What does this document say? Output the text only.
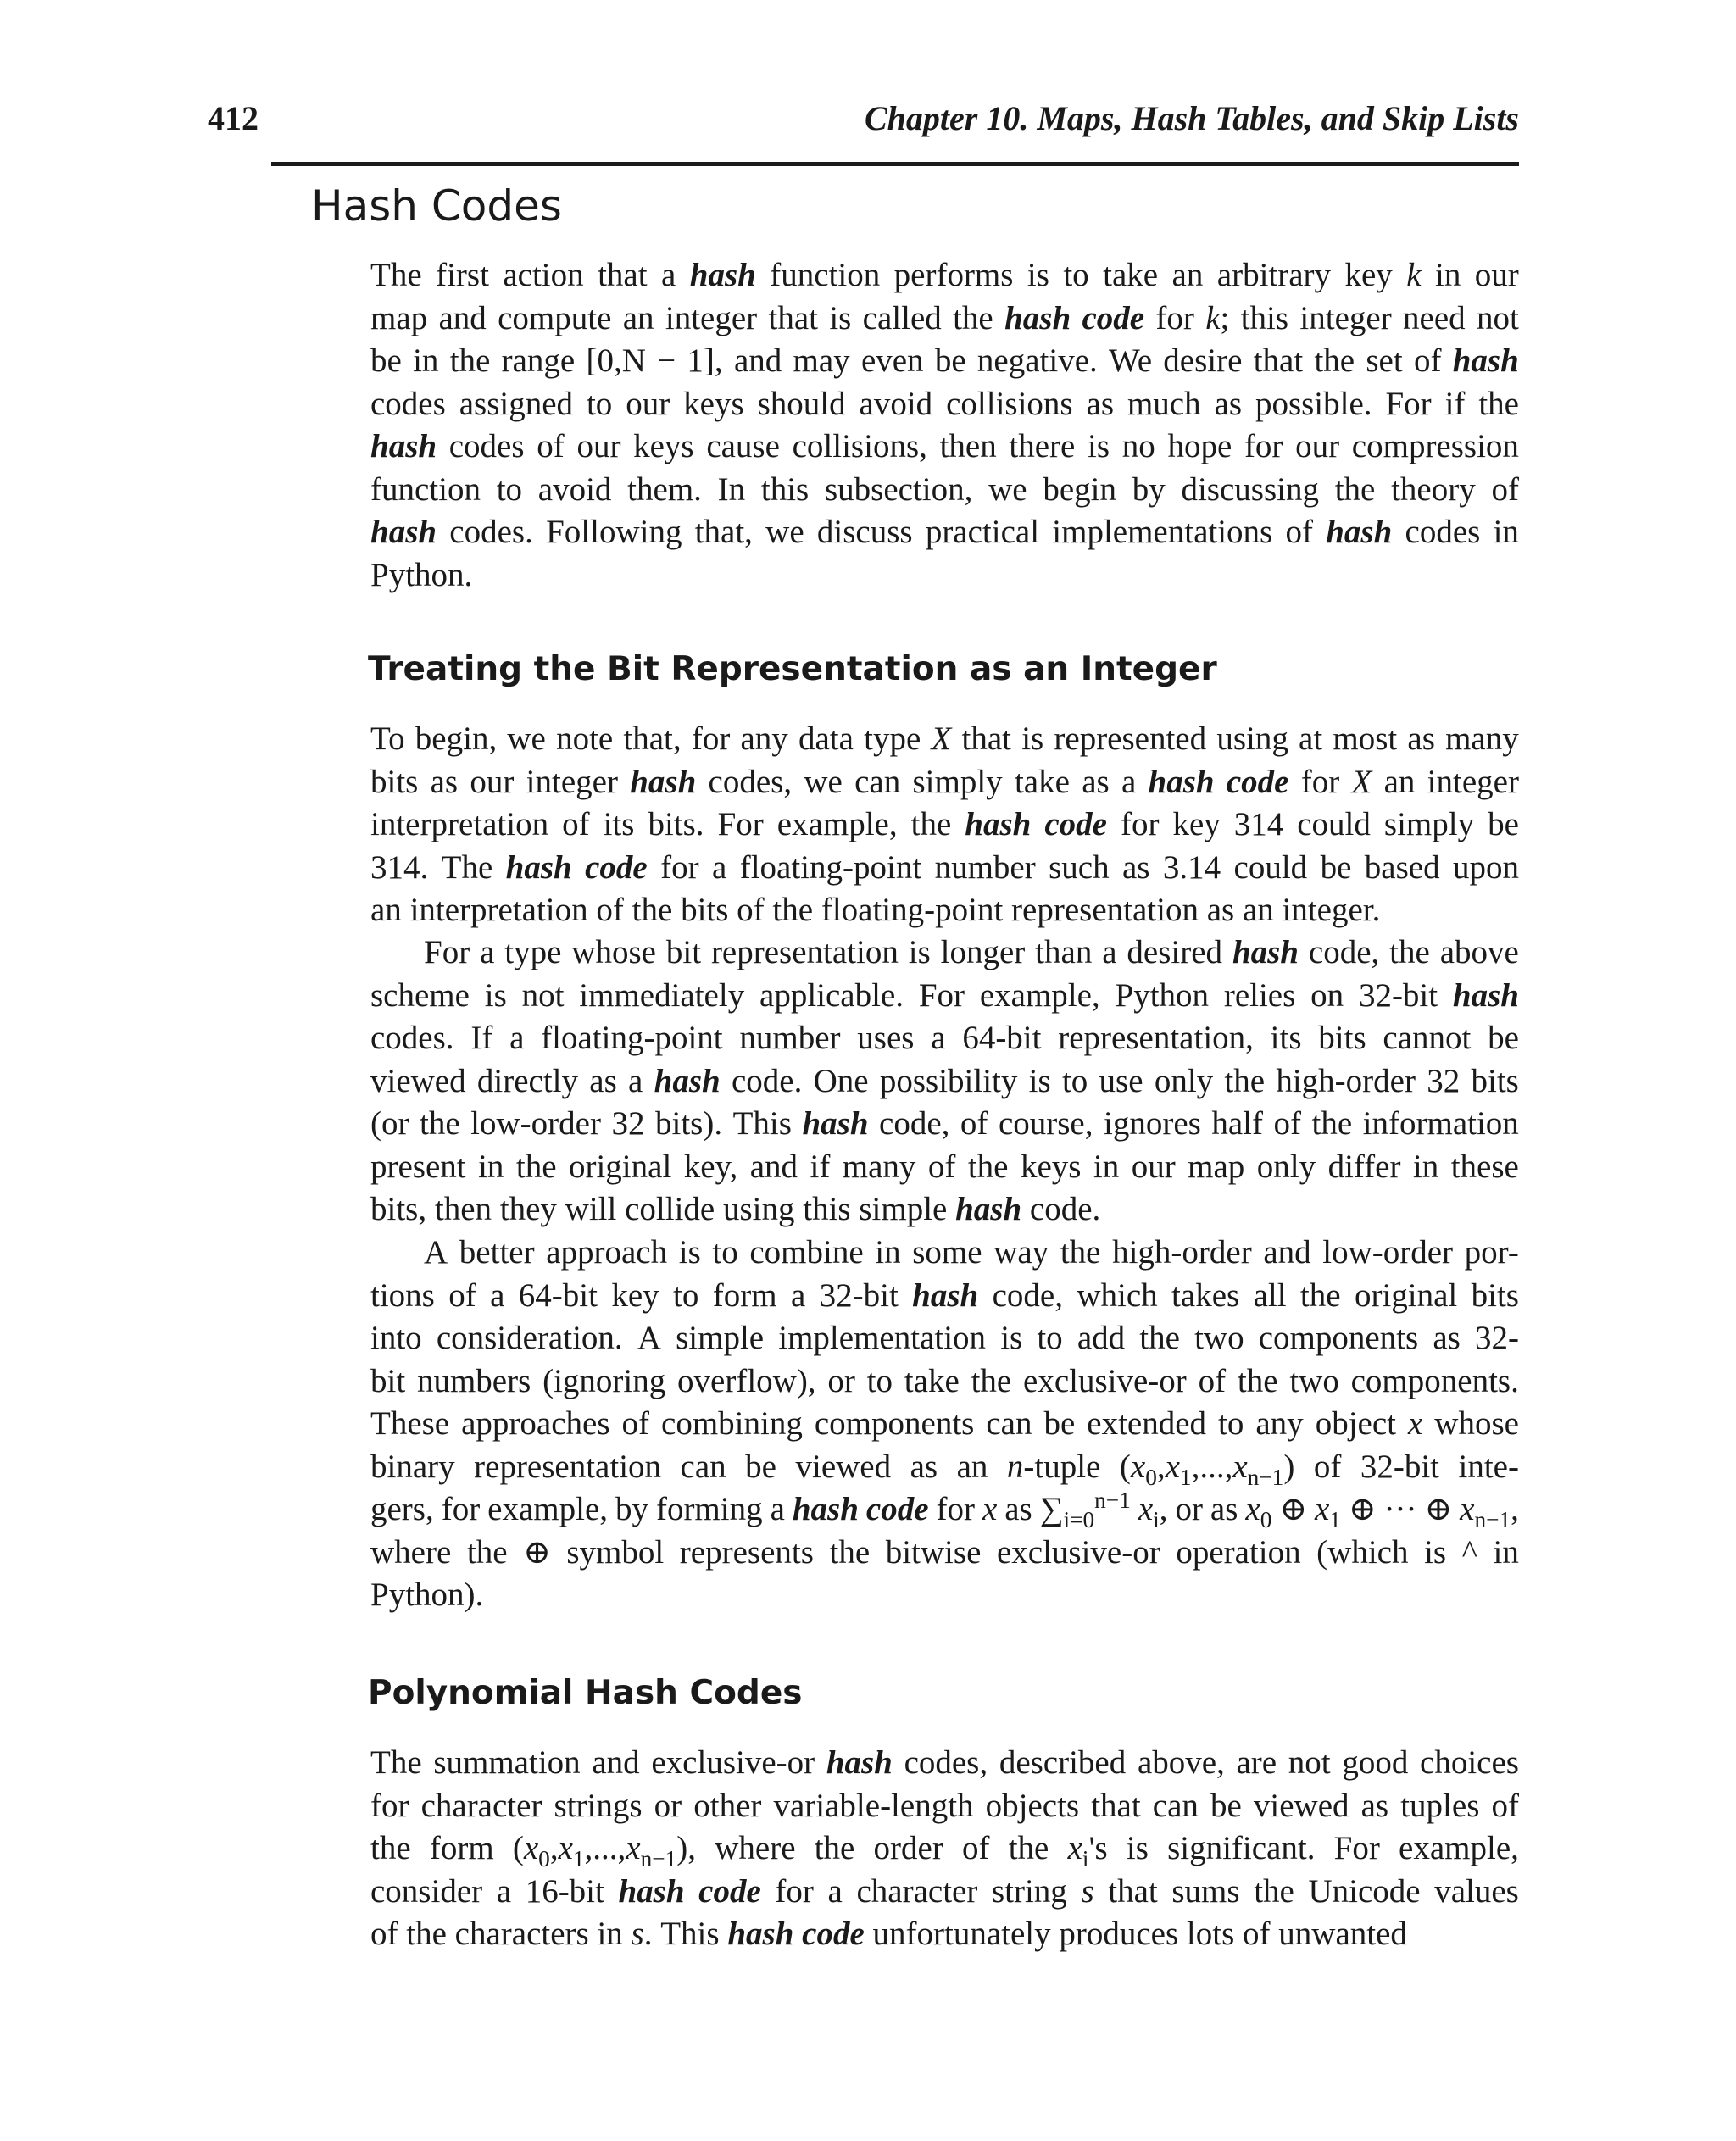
412	Chapter 10. Maps, Hash Tables, and Skip Lists
Hash Codes
The first action that a hash function performs is to take an arbitrary key k in our
map and compute an integer that is called the hash code for k; this integer need not
be in the range [0,N − 1], and may even be negative. We desire that the set of hash
codes assigned to our keys should avoid collisions as much as possible. For if the
hash codes of our keys cause collisions, then there is no hope for our compression
function to avoid them. In this subsection, we begin by discussing the theory of
hash codes. Following that, we discuss practical implementations of hash codes in
Python.
Treating the Bit Representation as an Integer
To begin, we note that, for any data type X that is represented using at most as many
bits as our integer hash codes, we can simply take as a hash code for X an integer
interpretation of its bits. For example, the hash code for key 314 could simply be
314. The hash code for a floating-point number such as 3.14 could be based upon
an
interpretation
of
the
bits
of
the
floating-point
representation
as
an
integer.
For a type whose bit representation is longer than a desired hash code, the above
scheme is not immediately applicable. For example, Python relies on 32-bit hash
codes. If a floating-point number uses a 64-bit representation, its bits cannot be
viewed directly as a hash code. One possibility is to use only the high-order 32 bits
(or the low-order 32 bits). This hash code, of course, ignores half of the information
present in the original key, and if many of the keys in our map only differ in these
bits,
then
they
will
collide
using
this
simple
hash
code.
A better approach is to combine in some way the high-order and low-order por-
tions of a 64-bit key to form a 32-bit hash code, which takes all the original bits
into consideration. A simple implementation is to add the two components as 32-
bit numbers (ignoring overflow), or to take the exclusive-or of the two components.
These approaches of combining components can be extended to any object x whose
binary representation can be viewed as an n-tuple $(x_0,x_1,...,x_{n-1})$ of 32-bit inte-
gers, for example, by forming a hash code for x as $\sum_{i=0}^{n-1}$ $x_i$, or as $x_0$ ⊕ $x_1$ ⊕ ··· ⊕ $x_{n-1}$,
where the ⊕ symbol represents the bitwise exclusive-or operation (which is ^ in
Python).
Polynomial Hash Codes
The summation and exclusive-or hash codes, described above, are not good choices
for character strings or other variable-length objects that can be viewed as tuples of
the form $(x_0,x_1,...,x_{n-1})$, where the order of the $x_i's$ is significant. For example,
consider a 16-bit hash code for a character string s that sums the Unicode values
of
the
characters
in
s.
This
hash
code
unfortunately
produces
lots
of
unwanted
